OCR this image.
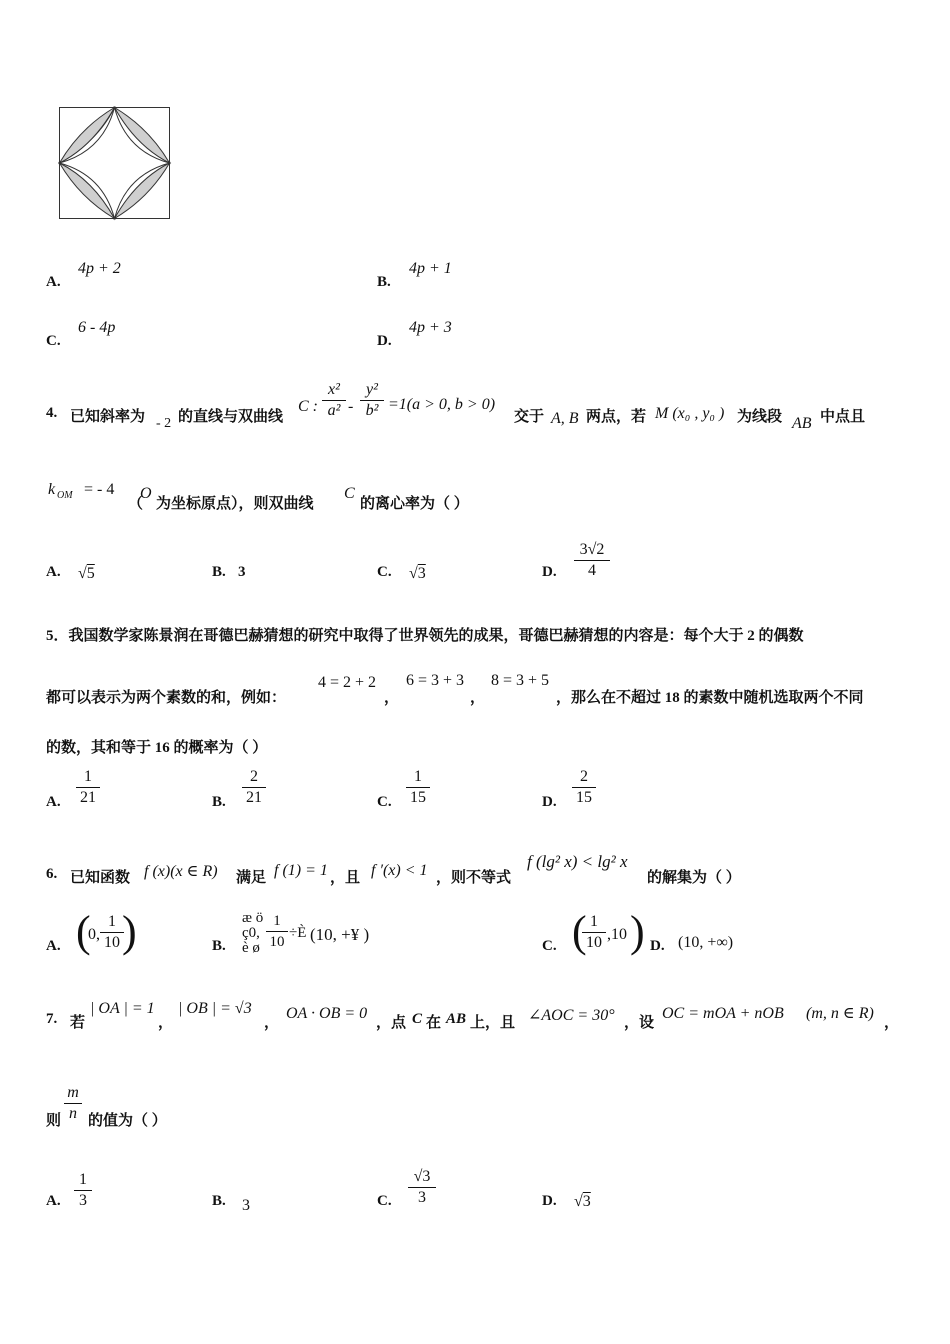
A.
4p + 2
B.
4p + 1
C.
6 - 4p
D.
4p + 3
4. 已知斜率为 - 2 的直线与双曲线
C :
x²
a² -
y²
b² =1(a > 0, b > 0)
交于 A, B 两点，若 M (x₀ , y₀ ) 为线段 AB 中点且
k OM = - 4
（
O
为坐标原点），则双曲线
C
的离心率为（ ）
A. √5	B. 3	C. √3	D.
3√2
4
5．我国数学家陈景润在哥德巴赫猜想的研究中取得了世界领先的成果，哥德巴赫猜想的内容是：每个大于 2 的偶数
都可以表示为两个素数的和，例如：
4 = 2 + 2
，
6 = 3 + 3
，
8 = 3 + 5
，那么在不超过 18 的素数中随机选取两个不同
的数，其和等于 16 的概率为（ ）
A.
1
21	B.
2
21	C.
1
15	D.
2
15
6. 已知函数 f (x)(x ∈ R) 满足 f (1) = 1 ，且 f ′(x) < 1 ，则不等式
f (lg² x) < lg² x
的解集为（ ）
A. (
0,
1
10 )	B.
æ ö
ç0,
1
10
÷È (10, +¥ )
è ø	C. ( 1
10 ,10 ) D. (10, +∞)
7. 若
| OA | = 1
，
| OB | = √3
，
OA · OB = 0
，点 C 在 AB 上，且 ∠AOC = 30° ，设
OC = mOA + nOB (m, n ∈ R)
，
则
m
n 的值为（ ）
A.
1
3	B. 3	C.
√3
3	D. √3
